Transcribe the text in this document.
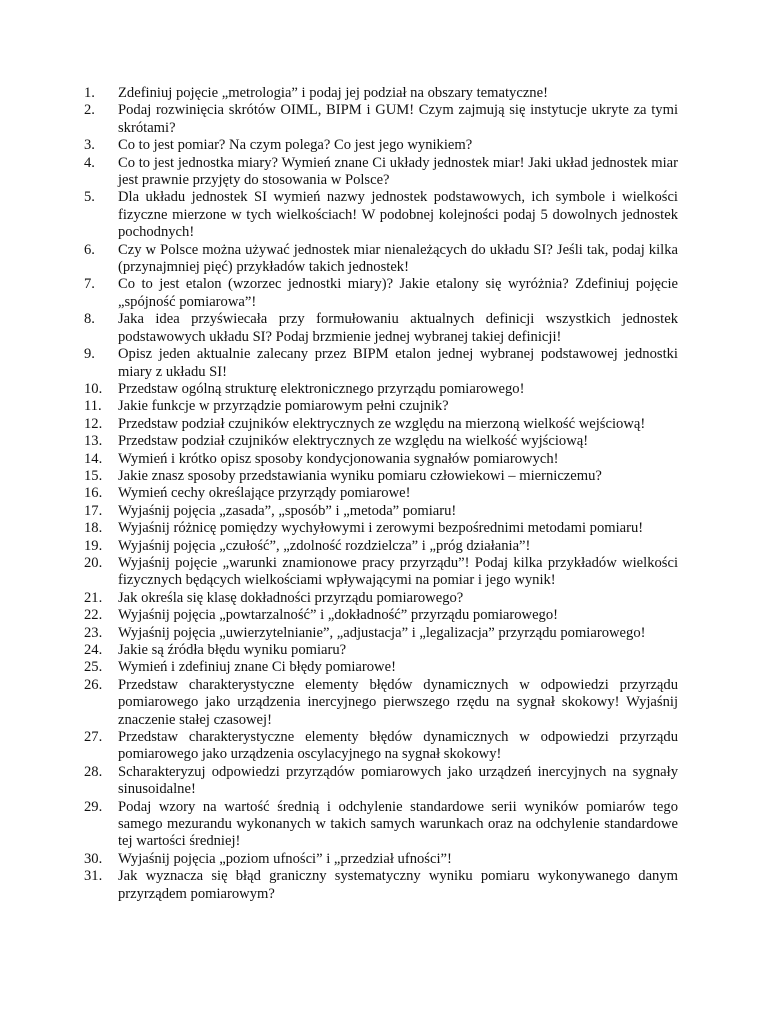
1.	Zdefiniuj pojęcie „metrologia” i podaj jej podział na obszary tematyczne!
2.	Podaj rozwinięcia skrótów OIML, BIPM i GUM! Czym zajmują się instytucje ukryte za tymi skrótami?
3.	Co to jest pomiar? Na czym polega? Co jest jego wynikiem?
4.	Co to jest jednostka miary? Wymień znane Ci układy jednostek miar! Jaki układ jednostek miar jest prawnie przyjęty do stosowania w Polsce?
5.	Dla układu jednostek SI wymień nazwy jednostek podstawowych, ich symbole i wielkości fizyczne mierzone w tych wielkościach! W podobnej kolejności podaj 5 dowolnych jednostek pochodnych!
6.	Czy w Polsce można używać jednostek miar nienależących do układu SI? Jeśli tak, podaj kilka (przynajmniej pięć) przykładów takich jednostek!
7.	Co to jest etalon (wzorzec jednostki miary)? Jakie etalony się wyróżnia? Zdefiniuj pojęcie „spójność pomiarowa”!
8.	Jaka idea przyświecała przy formułowaniu aktualnych definicji wszystkich jednostek podstawowych układu SI? Podaj brzmienie jednej wybranej takiej definicji!
9.	Opisz jeden aktualnie zalecany przez BIPM etalon jednej wybranej podstawowej jednostki miary z układu SI!
10.	Przedstaw ogólną strukturę elektronicznego przyrządu pomiarowego!
11.	Jakie funkcje w przyrządzie pomiarowym pełni czujnik?
12.	Przedstaw podział czujników elektrycznych ze względu na mierzoną wielkość wejściową!
13.	Przedstaw podział czujników elektrycznych ze względu na wielkość wyjściową!
14.	Wymień i krótko opisz sposoby kondycjonowania sygnałów pomiarowych!
15.	Jakie znasz sposoby przedstawiania wyniku pomiaru człowiekowi – mierniczemu?
16.	Wymień cechy określające przyrządy pomiarowe!
17.	Wyjaśnij pojęcia „zasada”, „sposób” i „metoda” pomiaru!
18.	Wyjaśnij różnicę pomiędzy wychyłowymi i zerowymi bezpośrednimi metodami pomiaru!
19.	Wyjaśnij pojęcia „czułość”, „zdolność rozdzielcza” i „próg działania”!
20.	Wyjaśnij pojęcie „warunki znamionowe pracy przyrządu”! Podaj kilka przykładów wielkości fizycznych będących wielkościami wpływającymi na pomiar i jego wynik!
21.	Jak określa się klasę dokładności przyrządu pomiarowego?
22.	Wyjaśnij pojęcia „powtarzalność” i „dokładność” przyrządu pomiarowego!
23.	Wyjaśnij pojęcia „uwierzytelnianie”, „adjustacja” i „legalizacja” przyrządu pomiarowego!
24.	Jakie są źródła błędu wyniku pomiaru?
25.	Wymień i zdefiniuj znane Ci błędy pomiarowe!
26.	Przedstaw charakterystyczne elementy błędów dynamicznych w odpowiedzi przyrządu pomiarowego jako urządzenia inercyjnego pierwszego rzędu na sygnał skokowy! Wyjaśnij znaczenie stałej czasowej!
27.	Przedstaw charakterystyczne elementy błędów dynamicznych w odpowiedzi przyrządu pomiarowego jako urządzenia oscylacyjnego na sygnał skokowy!
28.	Scharakteryzuj odpowiedzi przyrządów pomiarowych jako urządzeń inercyjnych na sygnały sinusoidalne!
29.	Podaj wzory na wartość średnią i odchylenie standardowe serii wyników pomiarów tego samego mezurandu wykonanych w takich samych warunkach oraz na odchylenie standardowe tej wartości średniej!
30.	Wyjaśnij pojęcia „poziom ufności” i „przedział ufności”!
31.	Jak wyznacza się błąd graniczny systematyczny wyniku pomiaru wykonywanego danym przyrządem pomiarowym?
